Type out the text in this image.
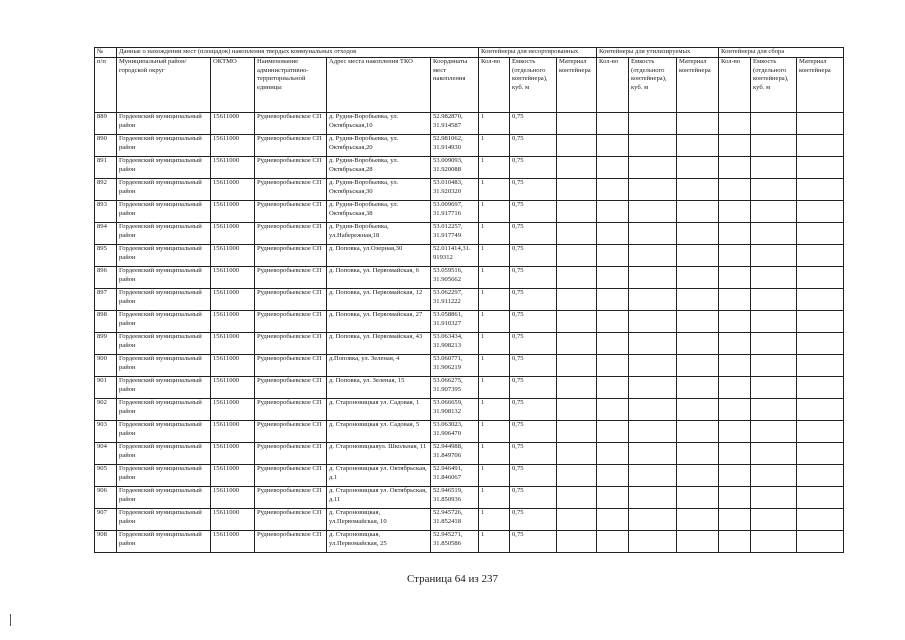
№	Данные о нахождении мест (площадок) накопления твердых коммунальных отходов					Контейнеры для несортированных			Контейнеры для утилизируемых			Контейнеры для сбора		
п/п	Муниципальный район/городской округ	ОКТМО	Наименование административно-территориальной единицы	Адрес места накопления ТКО	Координаты мест накопления	Кол-во	Емкость (отдельного контейнера), куб. м	Материал контейнера	Кол-во	Емкость (отдельного контейнера), куб. м	Материал контейнера	Кол-во	Емкость (отдельного контейнера), куб. м	Материал контейнера
889	Гордеевский муниципальный район	15611000	Рудневоробьевское СП	д. Рудня-Воробьевка, ул. Октябрьская,10	52.982870, 31.914587	1	0,75							
890	Гордеевский муниципальный район	15611000	Рудневоробьевское СП	д. Рудня-Воробьевка, ул. Октябрьская,20	52.981062, 31.914930	1	0,75							
891	Гордеевский муниципальный район	15611000	Рудневоробьевское СП	д. Рудня-Воробьевка, ул. Октябрьская,28	53.009093, 31.920088	1	0,75							
892	Гордеевский муниципальный район	15611000	Рудневоробьевское СП	д. Рудня-Воробьевка, ул. Октябрьская,30	53.010483, 31.920320	1	0,75							
893	Гордеевский муниципальный район	15611000	Рудневоробьевское СП	д. Рудня-Воробьевка, ул. Октябрьская,38	53.009697, 31.917716	1	0,75							
894	Гордеевский муниципальный район	15611000	Рудневоробьевское СП	д. Рудня-Воробьевка, ул.Набережная,18	53.012257, 31.917749	1	0,75							
895	Гордеевский муниципальный район	15611000	Рудневоробьевское СП	д. Поповка, ул.Озерная,30	52.011414,31. 919312	1	0,75							
896	Гордеевский муниципальный район	15611000	Рудневоробьевское СП	д. Поповка, ул. Первомайская, 6	53.059516, 31.905662	1	0,75							
897	Гордеевский муниципальный район	15611000	Рудневоробьевское СП	д. Поповка, ул. Первомайская, 12	53.062297, 31.911222	1	0,75							
898	Гордеевский муниципальный район	15611000	Рудневоробьевское СП	д. Поповка, ул. Первомайская, 27	53.058861, 31.910327	1	0,75							
899	Гордеевский муниципальный район	15611000	Рудневоробьевское СП	д. Поповка, ул. Первомайская, 43	53.063434, 31.908213	1	0,75							
900	Гордеевский муниципальный район	15611000	Рудневоробьевское СП	д.Поповка, ул. Зеленая, 4	53.060771, 31.906219	1	0,75							
901	Гордеевский муниципальный район	15611000	Рудневоробьевское СП	д. Поповка, ул. Зеленая, 15	53.066275, 31.907395	1	0,75							
902	Гордеевский муниципальный район	15611000	Рудневоробьевское СП	д. Староновицкая ул. Садовая, 1	53.066659, 31.908132	1	0,75							
903	Гордеевский муниципальный район	15611000	Рудневоробьевское СП	д. Староновицкая ул. Садовая, 5	53.063023, 31.906470	1	0,75							
904	Гордеевский муниципальный район	15611000	Рудневоробьевское СП	д. Староновицкаяул. Школьная, 11	52.944988, 31.849706	1	0,75							
905	Гордеевский муниципальный район	15611000	Рудневоробьевское СП	д. Староновицкая ул. Октябрьская, д.1	52.946491, 31.846067	1	0,75							
906	Гордеевский муниципальный район	15611000	Рудневоробьевское СП	д. Староновицкая ул. Октябрьская, д.11	52.946519, 31.850936	1	0,75							
907	Гордеевский муниципальный район	15611000	Рудневоробьевское СП	д. Староновицкая, ул.Первомайская, 10	52.945726, 31.852418	1	0,75							
908	Гордеевский муниципальный район	15611000	Рудневоробьевское СП	д. Староновицкая, ул.Первомайская, 25	52.945271, 31.850586	1	0,75							
Страница 64 из 237
